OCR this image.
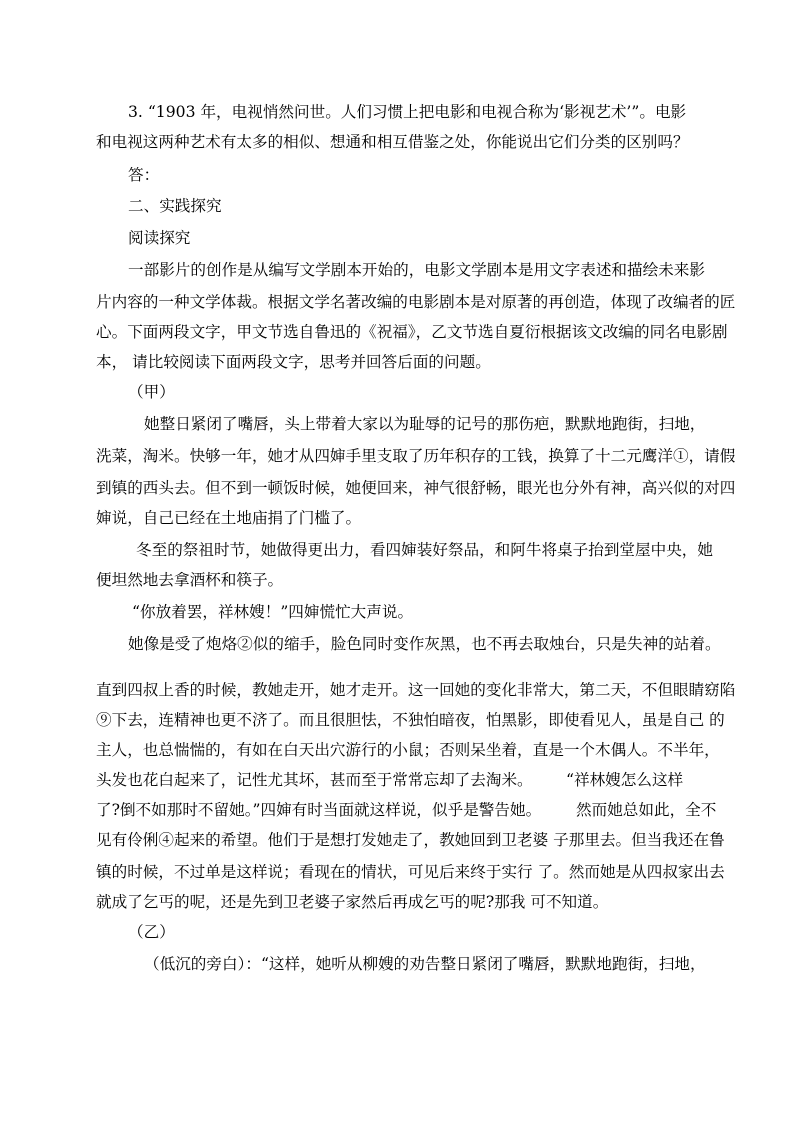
3. “1903 年，电视悄然问世。人们习惯上把电影和电视合称为‘影视艺术’”。电影
和电视这两种艺术有太多的相似、想通和相互借鉴之处，你能说出它们分类的区别吗？
答：
二、实践探究
阅读探究
一部影片的创作是从编写文学剧本开始的，电影文学剧本是用文字表述和描绘未来影
片内容的一种文学体裁。根据文学名著改编的电影剧本是对原著的再创造，体现了改编者的匠
心。下面两段文字，甲文节选自鲁迅的《祝福》，乙文节选自夏衍根据该文改编的同名电影剧
本， 请比较阅读下面两段文字，思考并回答后面的问题。
（甲）
她整日紧闭了嘴唇，头上带着大家以为耻辱的记号的那伤疤，默默地跑街，扫地，
洗菜，淘米。快够一年，她才从四婶手里支取了历年积存的工钱，换算了十二元鹰洋①，请假
到镇的西头去。但不到一顿饭时候，她便回来，神气很舒畅，眼光也分外有神，高兴似的对四
婶说，自己已经在土地庙捐了门槛了。
冬至的祭祖时节，她做得更出力，看四婶装好祭品，和阿牛将桌子抬到堂屋中央，她
便坦然地去拿酒杯和筷子。
“你放着罢，祥林嫂！”四婶慌忙大声说。
她像是受了炮烙②似的缩手，脸色同时变作灰黑，也不再去取烛台，只是失神的站着。
直到四叔上香的时候，教她走开，她才走开。这一回她的变化非常大，第二天，不但眼睛窈陷
⑨下去，连精神也更不济了。而且很胆怯，不独怕暗夜，怕黑影，即使看见人，虽是自己 的
主人，也总惴惴的，有如在白天出穴游行的小鼠；否则呆坐着，直是一个木偶人。不半年，
头发也花白起来了，记性尤其坏，甚而至于常常忘却了去淘米。 “祥林嫂怎么这样
了?倒不如那时不留她。”四婶有时当面就这样说，似乎是警告她。 然而她总如此，全不
见有伶俐④起来的希望。他们于是想打发她走了，教她回到卫老婆 子那里去。但当我还在鲁
镇的时候，不过单是这样说；看现在的情状，可见后来终于实行 了。然而她是从四叔家出去
就成了乞丐的呢，还是先到卫老婆子家然后再成乞丐的呢?那我 可不知道。
（乙）
（低沉的旁白）：“这样，她听从柳嫂的劝告整日紧闭了嘴唇，默默地跑街，扫地，
